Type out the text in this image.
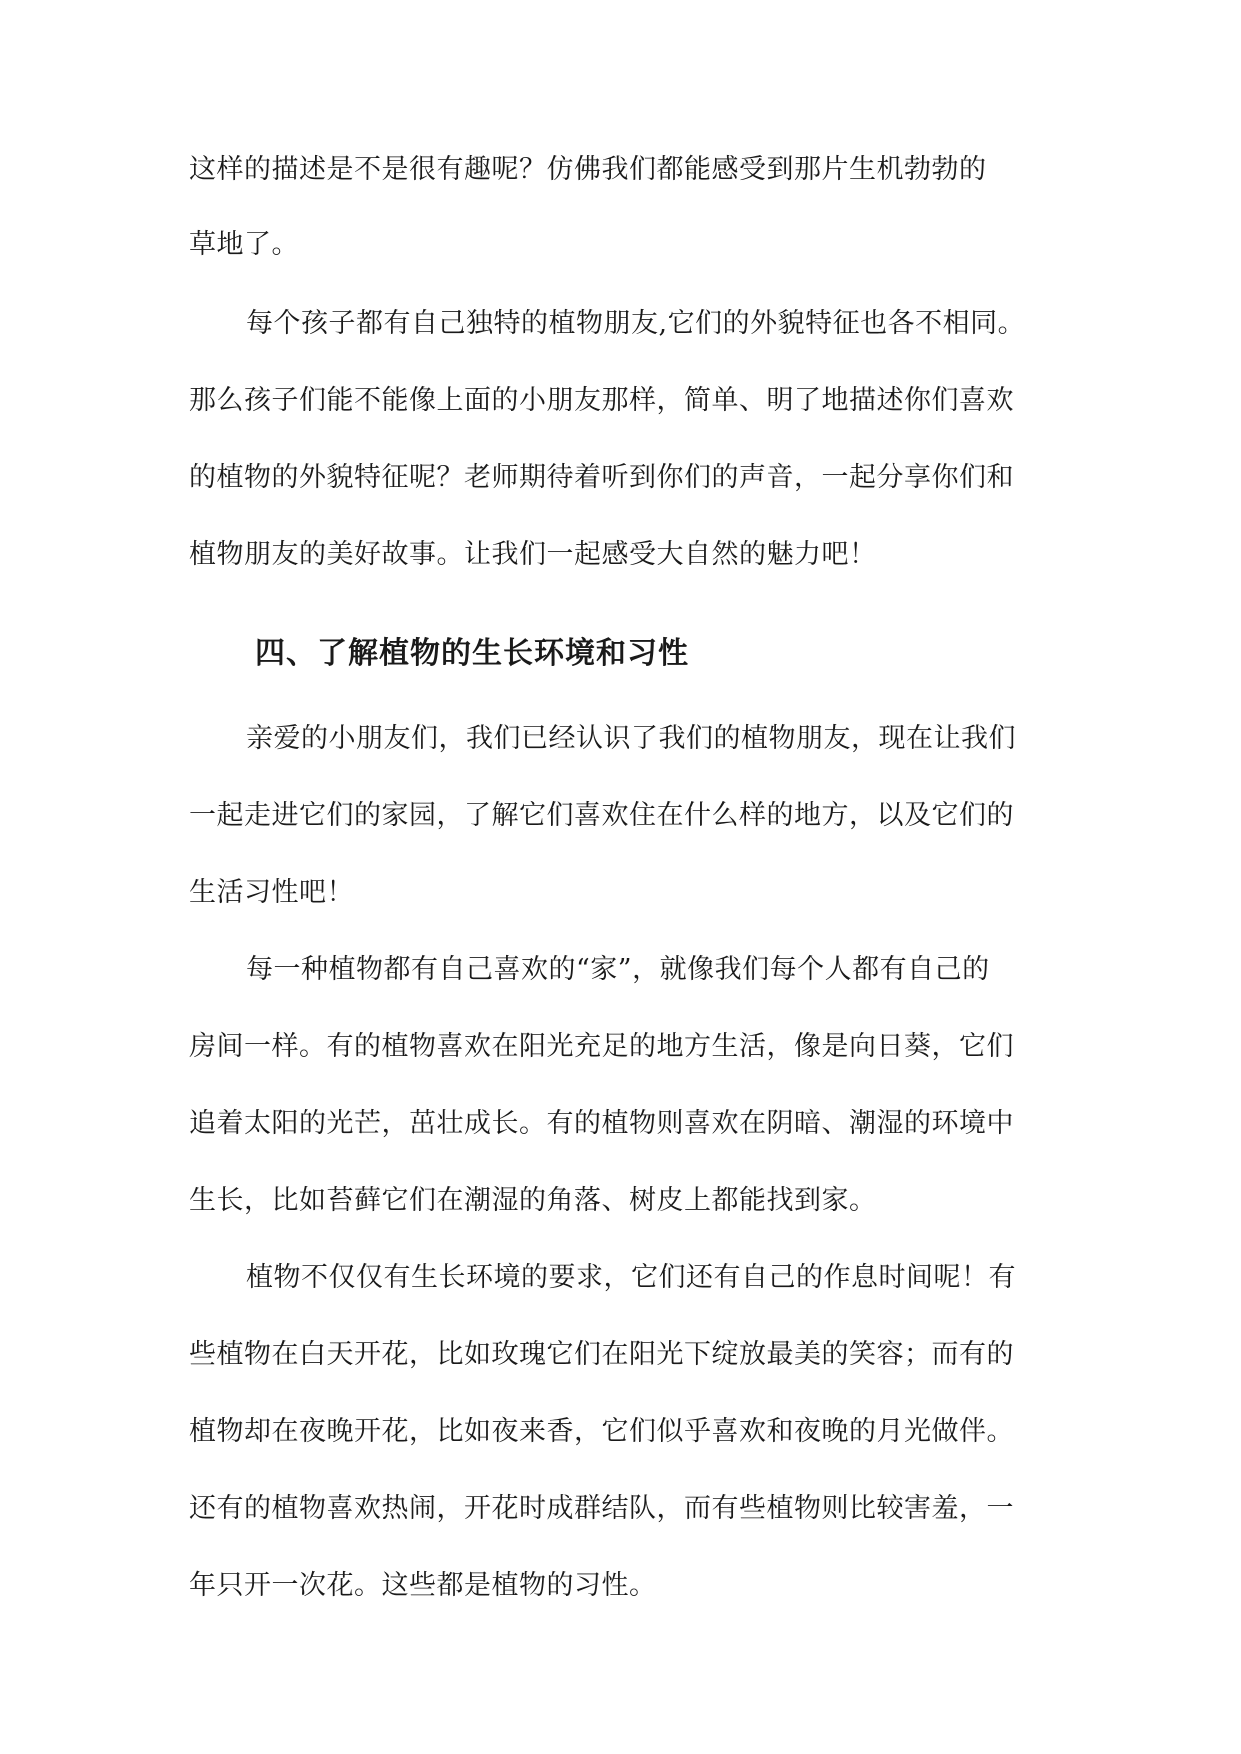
这样的描述是不是很有趣呢？仿佛我们都能感受到那片生机勃勃的
草地了。
每个孩子都有自己独特的植物朋友,它们的外貌特征也各不相同。
那么孩子们能不能像上面的小朋友那样，简单、明了地描述你们喜欢
的植物的外貌特征呢？老师期待着听到你们的声音，一起分享你们和
植物朋友的美好故事。让我们一起感受大自然的魅力吧！
四、了解植物的生长环境和习性
亲爱的小朋友们，我们已经认识了我们的植物朋友，现在让我们
一起走进它们的家园，了解它们喜欢住在什么样的地方，以及它们的
生活习性吧！
每一种植物都有自己喜欢的“家”，就像我们每个人都有自己的
房间一样。有的植物喜欢在阳光充足的地方生活，像是向日葵，它们
追着太阳的光芒，茁壮成长。有的植物则喜欢在阴暗、潮湿的环境中
生长，比如苔藓它们在潮湿的角落、树皮上都能找到家。
植物不仅仅有生长环境的要求，它们还有自己的作息时间呢！有
些植物在白天开花，比如玫瑰它们在阳光下绽放最美的笑容；而有的
植物却在夜晚开花，比如夜来香，它们似乎喜欢和夜晚的月光做伴。
还有的植物喜欢热闹，开花时成群结队，而有些植物则比较害羞，一
年只开一次花。这些都是植物的习性。
